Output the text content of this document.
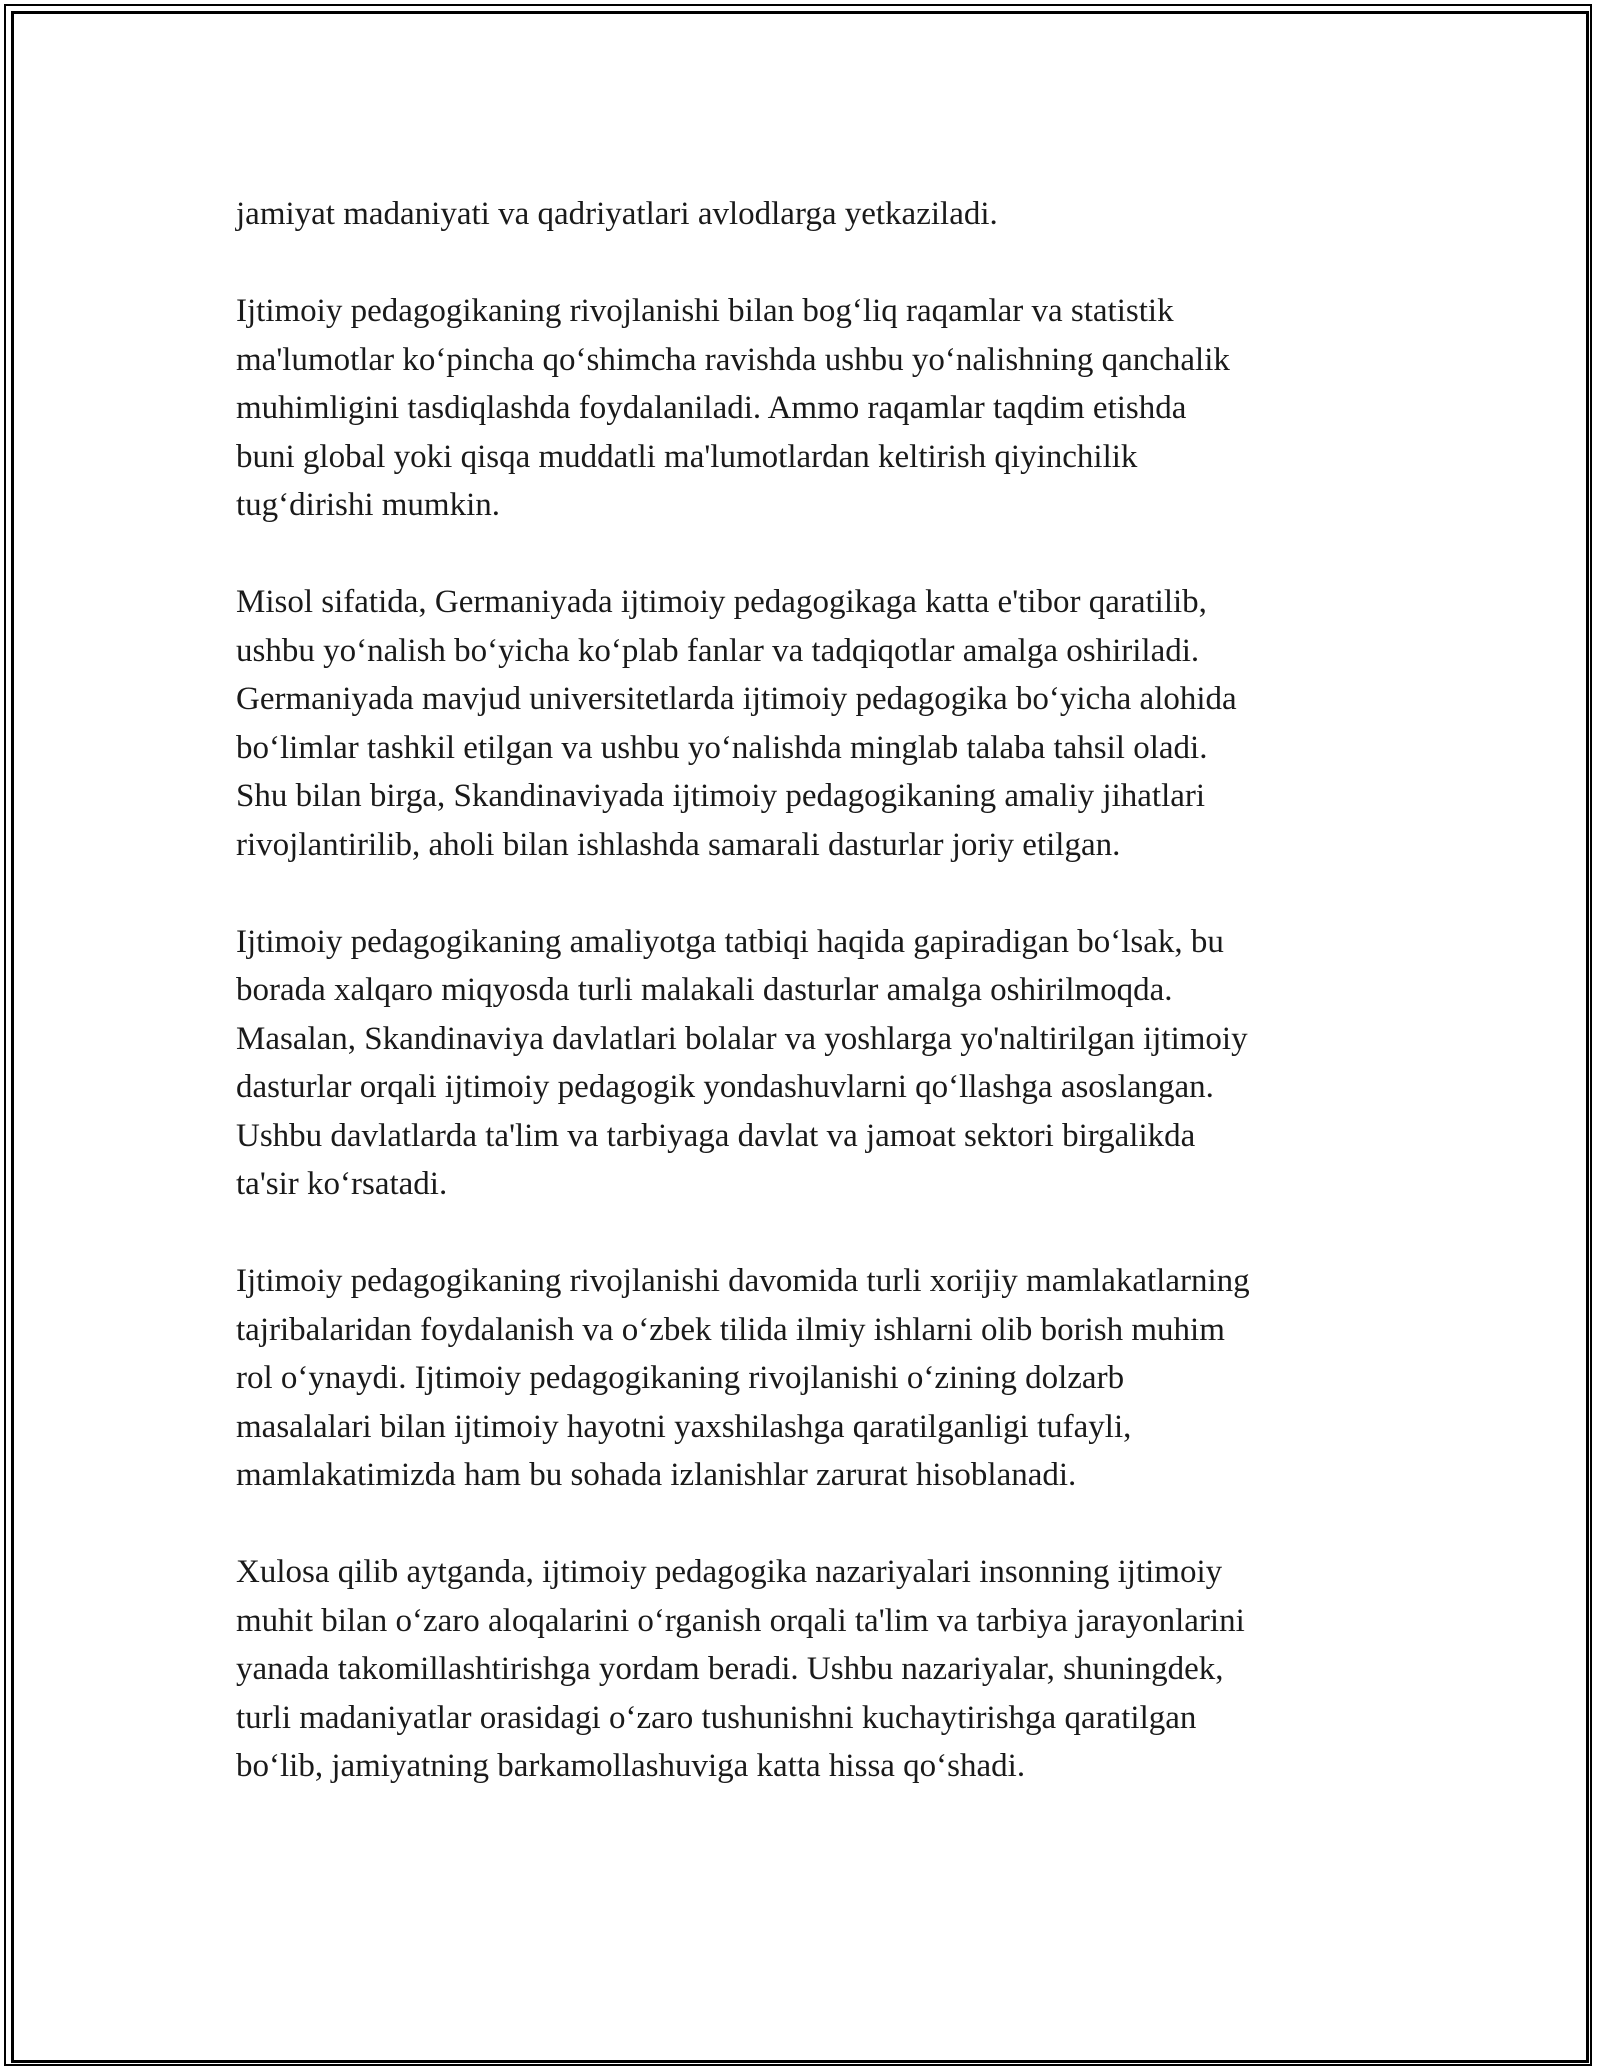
jamiyat madaniyati va qadriyatlari avlodlarga yetkaziladi.
Ijtimoiy pedagogikaning rivojlanishi bilan bog‘liq raqamlar va statistik
ma'lumotlar ko‘pincha qo‘shimcha ravishda ushbu yo‘nalishning qanchalik
muhimligini tasdiqlashda foydalaniladi. Ammo raqamlar taqdim etishda
buni global yoki qisqa muddatli ma'lumotlardan keltirish qiyinchilik
tug‘dirishi mumkin.
Misol sifatida, Germaniyada ijtimoiy pedagogikaga katta e'tibor qaratilib,
ushbu yo‘nalish bo‘yicha ko‘plab fanlar va tadqiqotlar amalga oshiriladi.
Germaniyada mavjud universitetlarda ijtimoiy pedagogika bo‘yicha alohida
bo‘limlar tashkil etilgan va ushbu yo‘nalishda minglab talaba tahsil oladi.
Shu bilan birga, Skandinaviyada ijtimoiy pedagogikaning amaliy jihatlari
rivojlantirilib, aholi bilan ishlashda samarali dasturlar joriy etilgan.
Ijtimoiy pedagogikaning amaliyotga tatbiqi haqida gapiradigan bo‘lsak, bu
borada xalqaro miqyosda turli malakali dasturlar amalga oshirilmoqda.
Masalan, Skandinaviya davlatlari bolalar va yoshlarga yo'naltirilgan ijtimoiy
dasturlar orqali ijtimoiy pedagogik yondashuvlarni qo‘llashga asoslangan.
Ushbu davlatlarda ta'lim va tarbiyaga davlat va jamoat sektori birgalikda
ta'sir ko‘rsatadi.
Ijtimoiy pedagogikaning rivojlanishi davomida turli xorijiy mamlakatlarning
tajribalaridan foydalanish va o‘zbek tilida ilmiy ishlarni olib borish muhim
rol o‘ynaydi. Ijtimoiy pedagogikaning rivojlanishi o‘zining dolzarb
masalalari bilan ijtimoiy hayotni yaxshilashga qaratilganligi tufayli,
mamlakatimizda ham bu sohada izlanishlar zarurat hisoblanadi.
Xulosa qilib aytganda, ijtimoiy pedagogika nazariyalari insonning ijtimoiy
muhit bilan o‘zaro aloqalarini o‘rganish orqali ta'lim va tarbiya jarayonlarini
yanada takomillashtirishga yordam beradi. Ushbu nazariyalar, shuningdek,
turli madaniyatlar orasidagi o‘zaro tushunishni kuchaytirishga qaratilgan
bo‘lib, jamiyatning barkamollashuviga katta hissa qo‘shadi.
